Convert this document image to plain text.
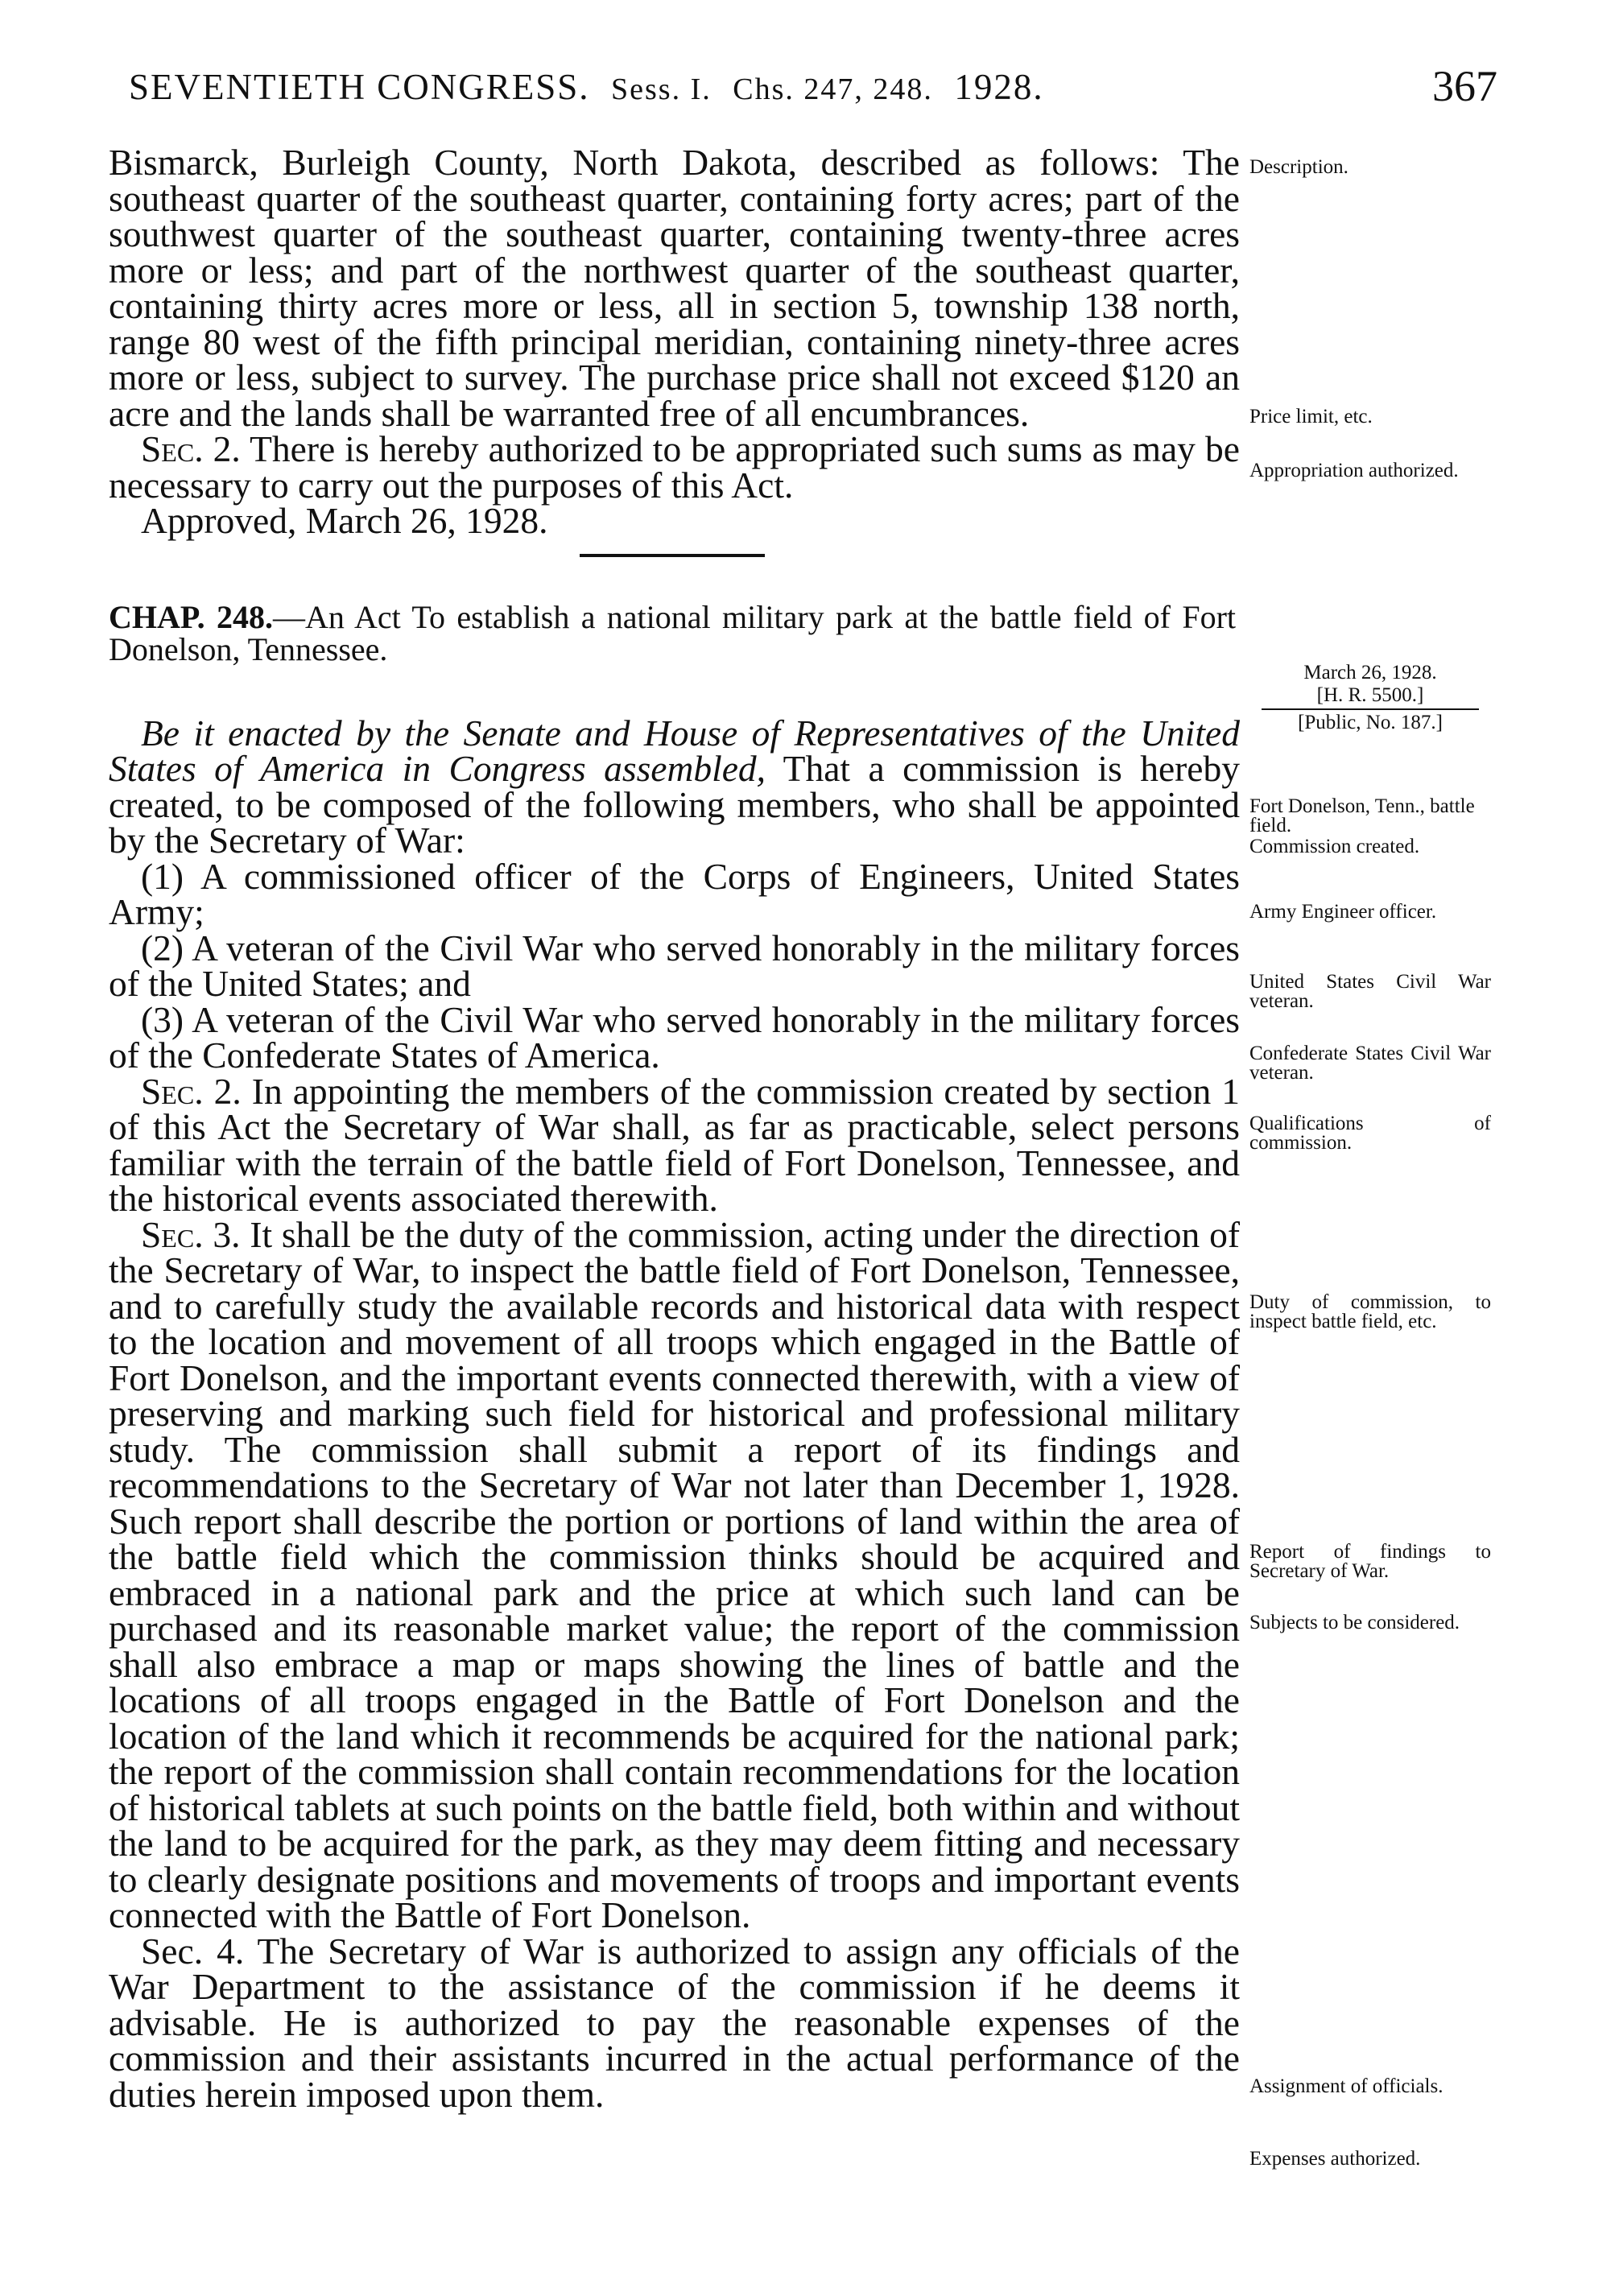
SEVENTIETH CONGRESS. Sess. I. Chs. 247, 248. 1928.	367

Bismarck, Burleigh County, North Dakota, described as follows: The southeast quarter of the southeast quarter, containing forty acres; part of the southwest quarter of the southeast quarter, containing twenty-three acres more or less; and part of the northwest quarter of the southeast quarter, containing thirty acres more or less, all in section 5, township 138 north, range 80 west of the fifth principal meridian, containing ninety-three acres more or less, subject to survey. The purchase price shall not exceed $120 an acre and the lands shall be warranted free of all encumbrances.

Sec. 2. There is hereby authorized to be appropriated such sums as may be necessary to carry out the purposes of this Act.

Approved, March 26, 1928.

CHAP. 248.—An Act To establish a national military park at the battle field of Fort Donelson, Tennessee.

Be it enacted by the Senate and House of Representatives of the United States of America in Congress assembled, That a commission is hereby created, to be composed of the following members, who shall be appointed by the Secretary of War:

(1) A commissioned officer of the Corps of Engineers, United States Army;

(2) A veteran of the Civil War who served honorably in the military forces of the United States; and

(3) A veteran of the Civil War who served honorably in the military forces of the Confederate States of America.

Sec. 2. In appointing the members of the commission created by section 1 of this Act the Secretary of War shall, as far as practicable, select persons familiar with the terrain of the battle field of Fort Donelson, Tennessee, and the historical events associated therewith.

Sec. 3. It shall be the duty of the commission, acting under the direction of the Secretary of War, to inspect the battle field of Fort Donelson, Tennessee, and to carefully study the available records and historical data with respect to the location and movement of all troops which engaged in the Battle of Fort Donelson, and the important events connected therewith, with a view of preserving and marking such field for historical and professional military study. The commission shall submit a report of its findings and recommendations to the Secretary of War not later than December 1, 1928. Such report shall describe the portion or portions of land within the area of the battle field which the commission thinks should be acquired and embraced in a national park and the price at which such land can be purchased and its reasonable market value; the report of the commission shall also embrace a map or maps showing the lines of battle and the locations of all troops engaged in the Battle of Fort Donelson and the location of the land which it recommends be acquired for the national park; the report of the commission shall contain recommendations for the location of historical tablets at such points on the battle field, both within and without the land to be acquired for the park, as they may deem fitting and necessary to clearly designate positions and movements of troops and important events connected with the Battle of Fort Donelson.

Sec. 4. The Secretary of War is authorized to assign any officials of the War Department to the assistance of the commission if he deems it advisable. He is authorized to pay the reasonable expenses of the commission and their assistants incurred in the actual performance of the duties herein imposed upon them.

Description.
Price limit, etc.
Appropriation authorized.
March 26, 1928.
[H. R. 5500.]
[Public, No. 187.]
Fort Donelson, Tenn., battle field.
Commission created.
Army Engineer officer.
United States Civil War veteran.
Confederate States Civil War veteran.
Qualifications of commission.
Duty of commission, to inspect battle field, etc.
Report of findings to Secretary of War.
Subjects to be considered.
Assignment of officials.
Expenses authorized.
